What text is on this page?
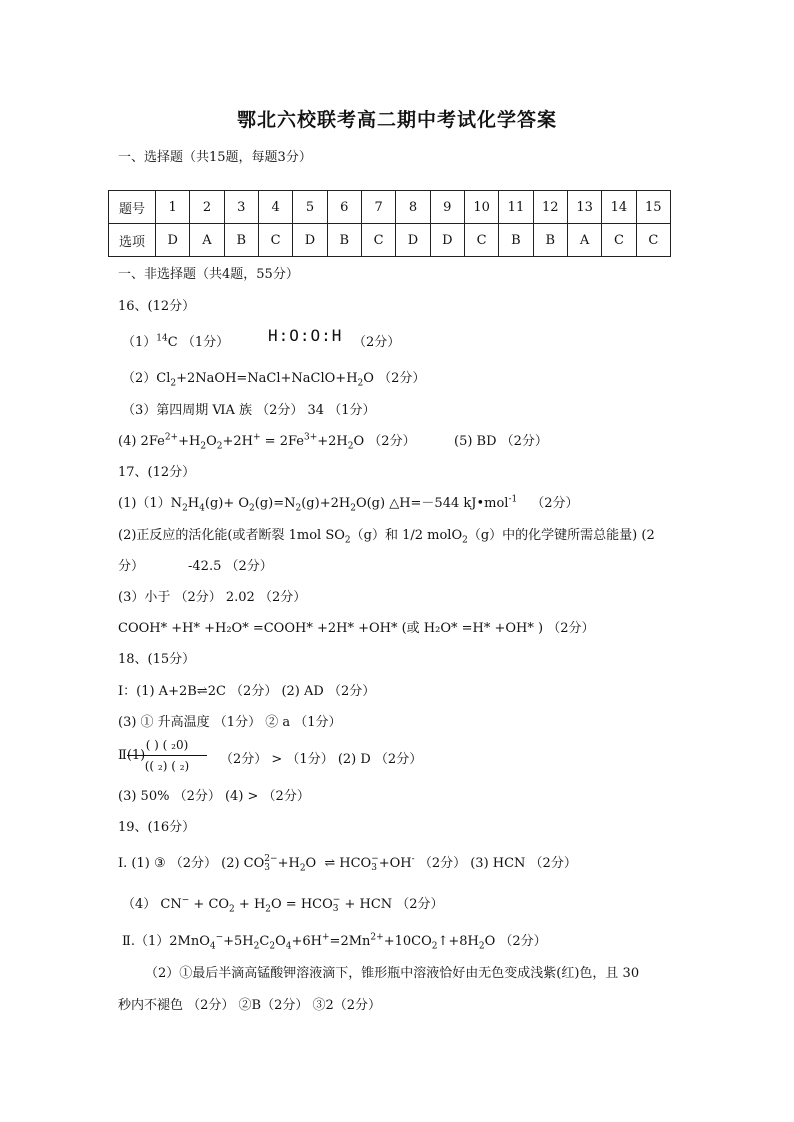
鄂北六校联考高二期中考试化学答案
一、选择题（共15题，每题3分）
题号	1	2	3	4	5	6	7	8	9	10	11	12	13	14	15
选项	D	A	B	C	D	B	C	D	D	C	B	B	A	C	C
一、非选择题（共4题，55分）
16、(12分）
$(1)^{14}C$ （1分） H:O:O:H （2分）
$(2)Cl_2+2NaOH=NaCl+NaClO+H_2O$ （2分）
（3）第四周期 ⅥA 族 （2分） 34 （1分）
(4) $2Fe^{2+}+H_2O_2+2H^+ = 2Fe^{3+}+2H_2O$ （2分）	(5) BD （2分）
17、(12分）
$(1)(1)N_2H_4(g)+ O_2(g)=N_2(g)+2H_2O(g)$ △H=－544 kJ•mol$^{-1}$ （2分）
(2)正反应的活化能(或者断裂 1mol $SO_2(g)$和 1/2 molO$_2$（g）中的化学键所需总能量) (2
分）	-42.5 （2分）
(3）小于 （2分） 2.02 （2分）
COOH* +H* +H₂O* =COOH* +2H* +OH* (或 H₂O* =H* +OH* ) （2分）
18、(15分）
Ⅰ：(1) A+2B⇌2C （2分） (2) AD （2分）
(3) ① 升高温度 （1分） ② a （1分）
Ⅱ(1)
( ) ( ₂0)
(( ₂) ( ₂)	（2分） > （1分） (2) D （2分）
(3) 50% （2分） (4) > （2分）
19、(16分）
I. (1) ③ （2分） (2) CO 2−
$3 +H_2O$ ⇌ HCO −
3 +OH- （2分） (3) HCN （2分）
（4） $CN^- + CO_2 + H_2O$ = HCO −
3 + HCN （2分）
$Ⅱ.(1)2MnO_4^-+5H_2C_2O_4+6H^+=2Mn^{2+}+10CO_2↑+8H_2O$ （2分）
（2）①最后半滴高锰酸钾溶液滴下，锥形瓶中溶液恰好由无色变成浅紫(红)色，且 30
秒内不褪色 （2分） ②B（2分） ③2（2分）
